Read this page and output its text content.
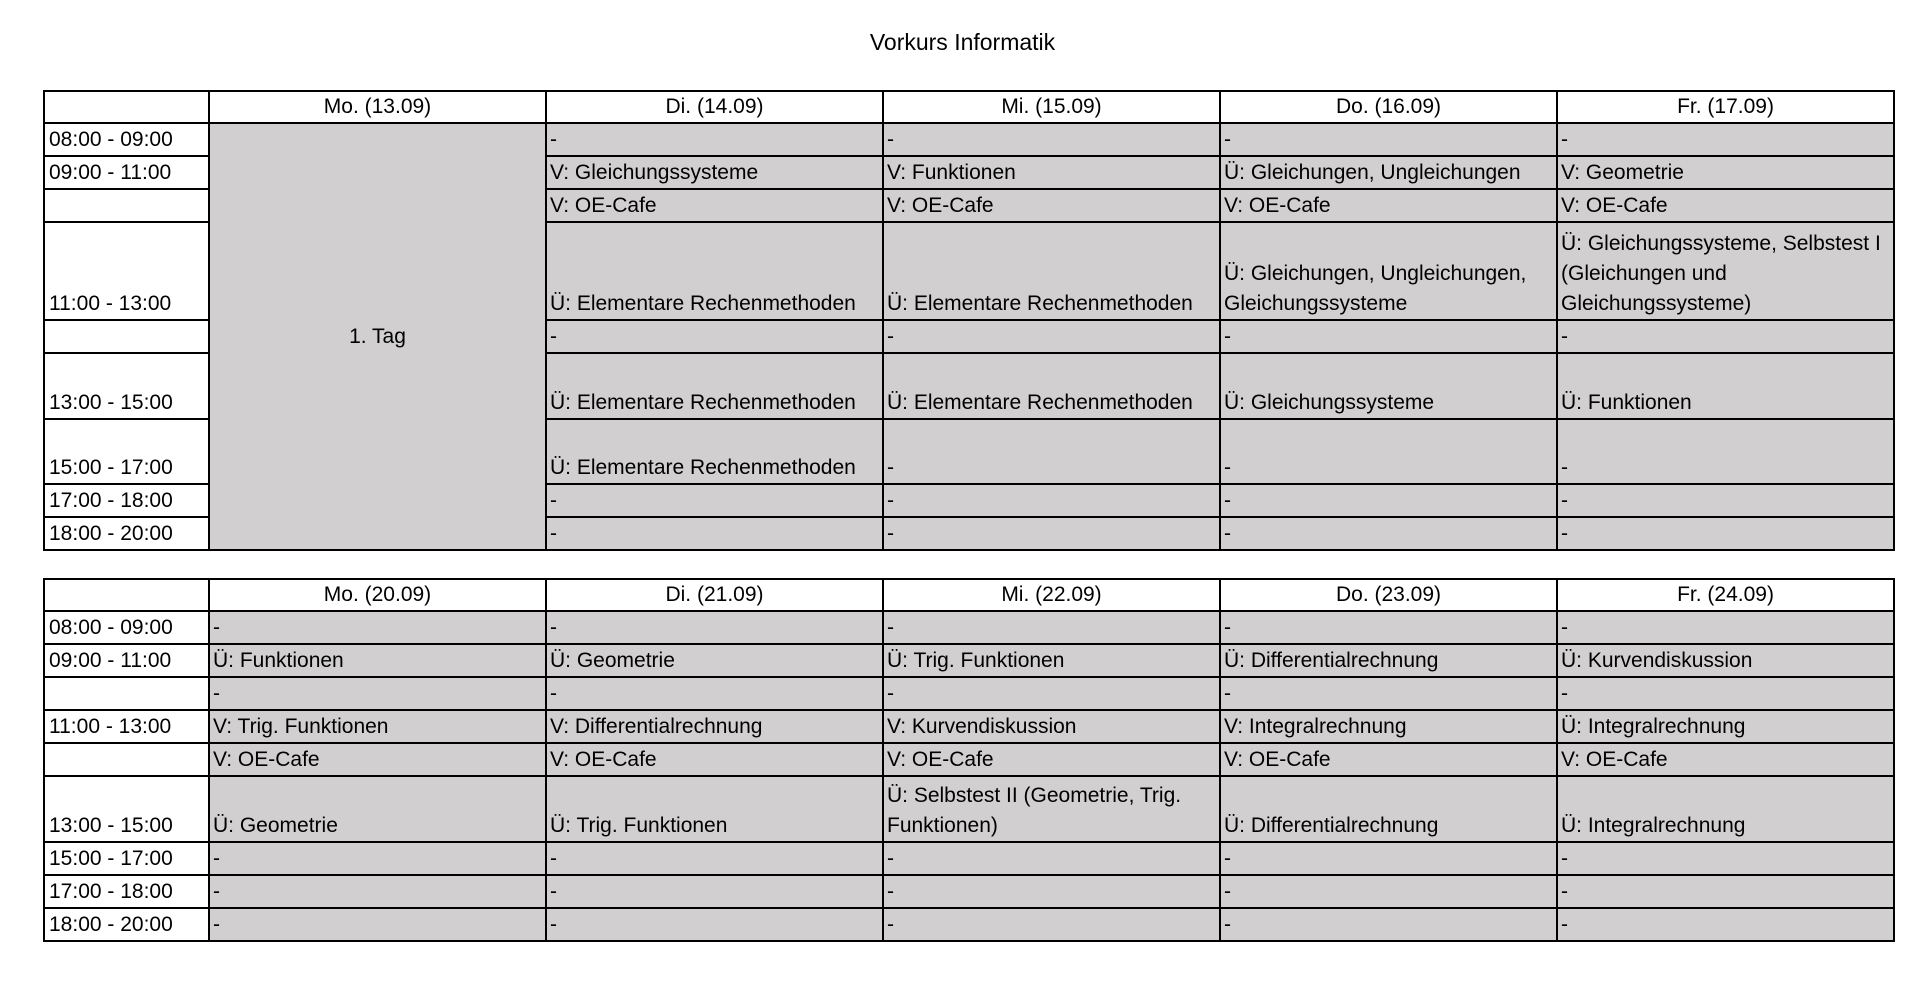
Vorkurs Informatik
	Mo. (13.09)	Di. (14.09)	Mi. (15.09)	Do. (16.09)	Fr. (17.09)
08:00 - 09:00	1. Tag	-	-	-	-
09:00 - 11:00		V: Gleichungssysteme	V: Funktionen	Ü: Gleichungen, Ungleichungen	V: Geometrie
		V: OE-Cafe	V: OE-Cafe	V: OE-Cafe	V: OE-Cafe
11:00 - 13:00		Ü: Elementare Rechenmethoden	Ü: Elementare Rechenmethoden	Ü: Gleichungen, Ungleichungen, Gleichungssysteme	Ü: Gleichungssysteme, Selbstest I (Gleichungen und Gleichungssysteme)
		-	-	-	-
13:00 - 15:00		Ü: Elementare Rechenmethoden	Ü: Elementare Rechenmethoden	Ü: Gleichungssysteme	Ü: Funktionen
15:00 - 17:00		Ü: Elementare Rechenmethoden	-	-	-
17:00 - 18:00		-	-	-	-
18:00 - 20:00		-	-	-	-
	Mo. (20.09)	Di. (21.09)	Mi. (22.09)	Do. (23.09)	Fr. (24.09)
08:00 - 09:00	-	-	-	-	-
09:00 - 11:00	Ü: Funktionen	Ü: Geometrie	Ü: Trig. Funktionen	Ü: Differentialrechnung	Ü: Kurvendiskussion
	-	-	-	-	-
11:00 - 13:00	V: Trig. Funktionen	V: Differentialrechnung	V: Kurvendiskussion	V: Integralrechnung	Ü: Integralrechnung
	V: OE-Cafe	V: OE-Cafe	V: OE-Cafe	V: OE-Cafe	V: OE-Cafe
13:00 - 15:00	Ü: Geometrie	Ü: Trig. Funktionen	Ü: Selbstest II (Geometrie, Trig. Funktionen)	Ü: Differentialrechnung	Ü: Integralrechnung
15:00 - 17:00	-	-	-	-	-
17:00 - 18:00	-	-	-	-	-
18:00 - 20:00	-	-	-	-	-
